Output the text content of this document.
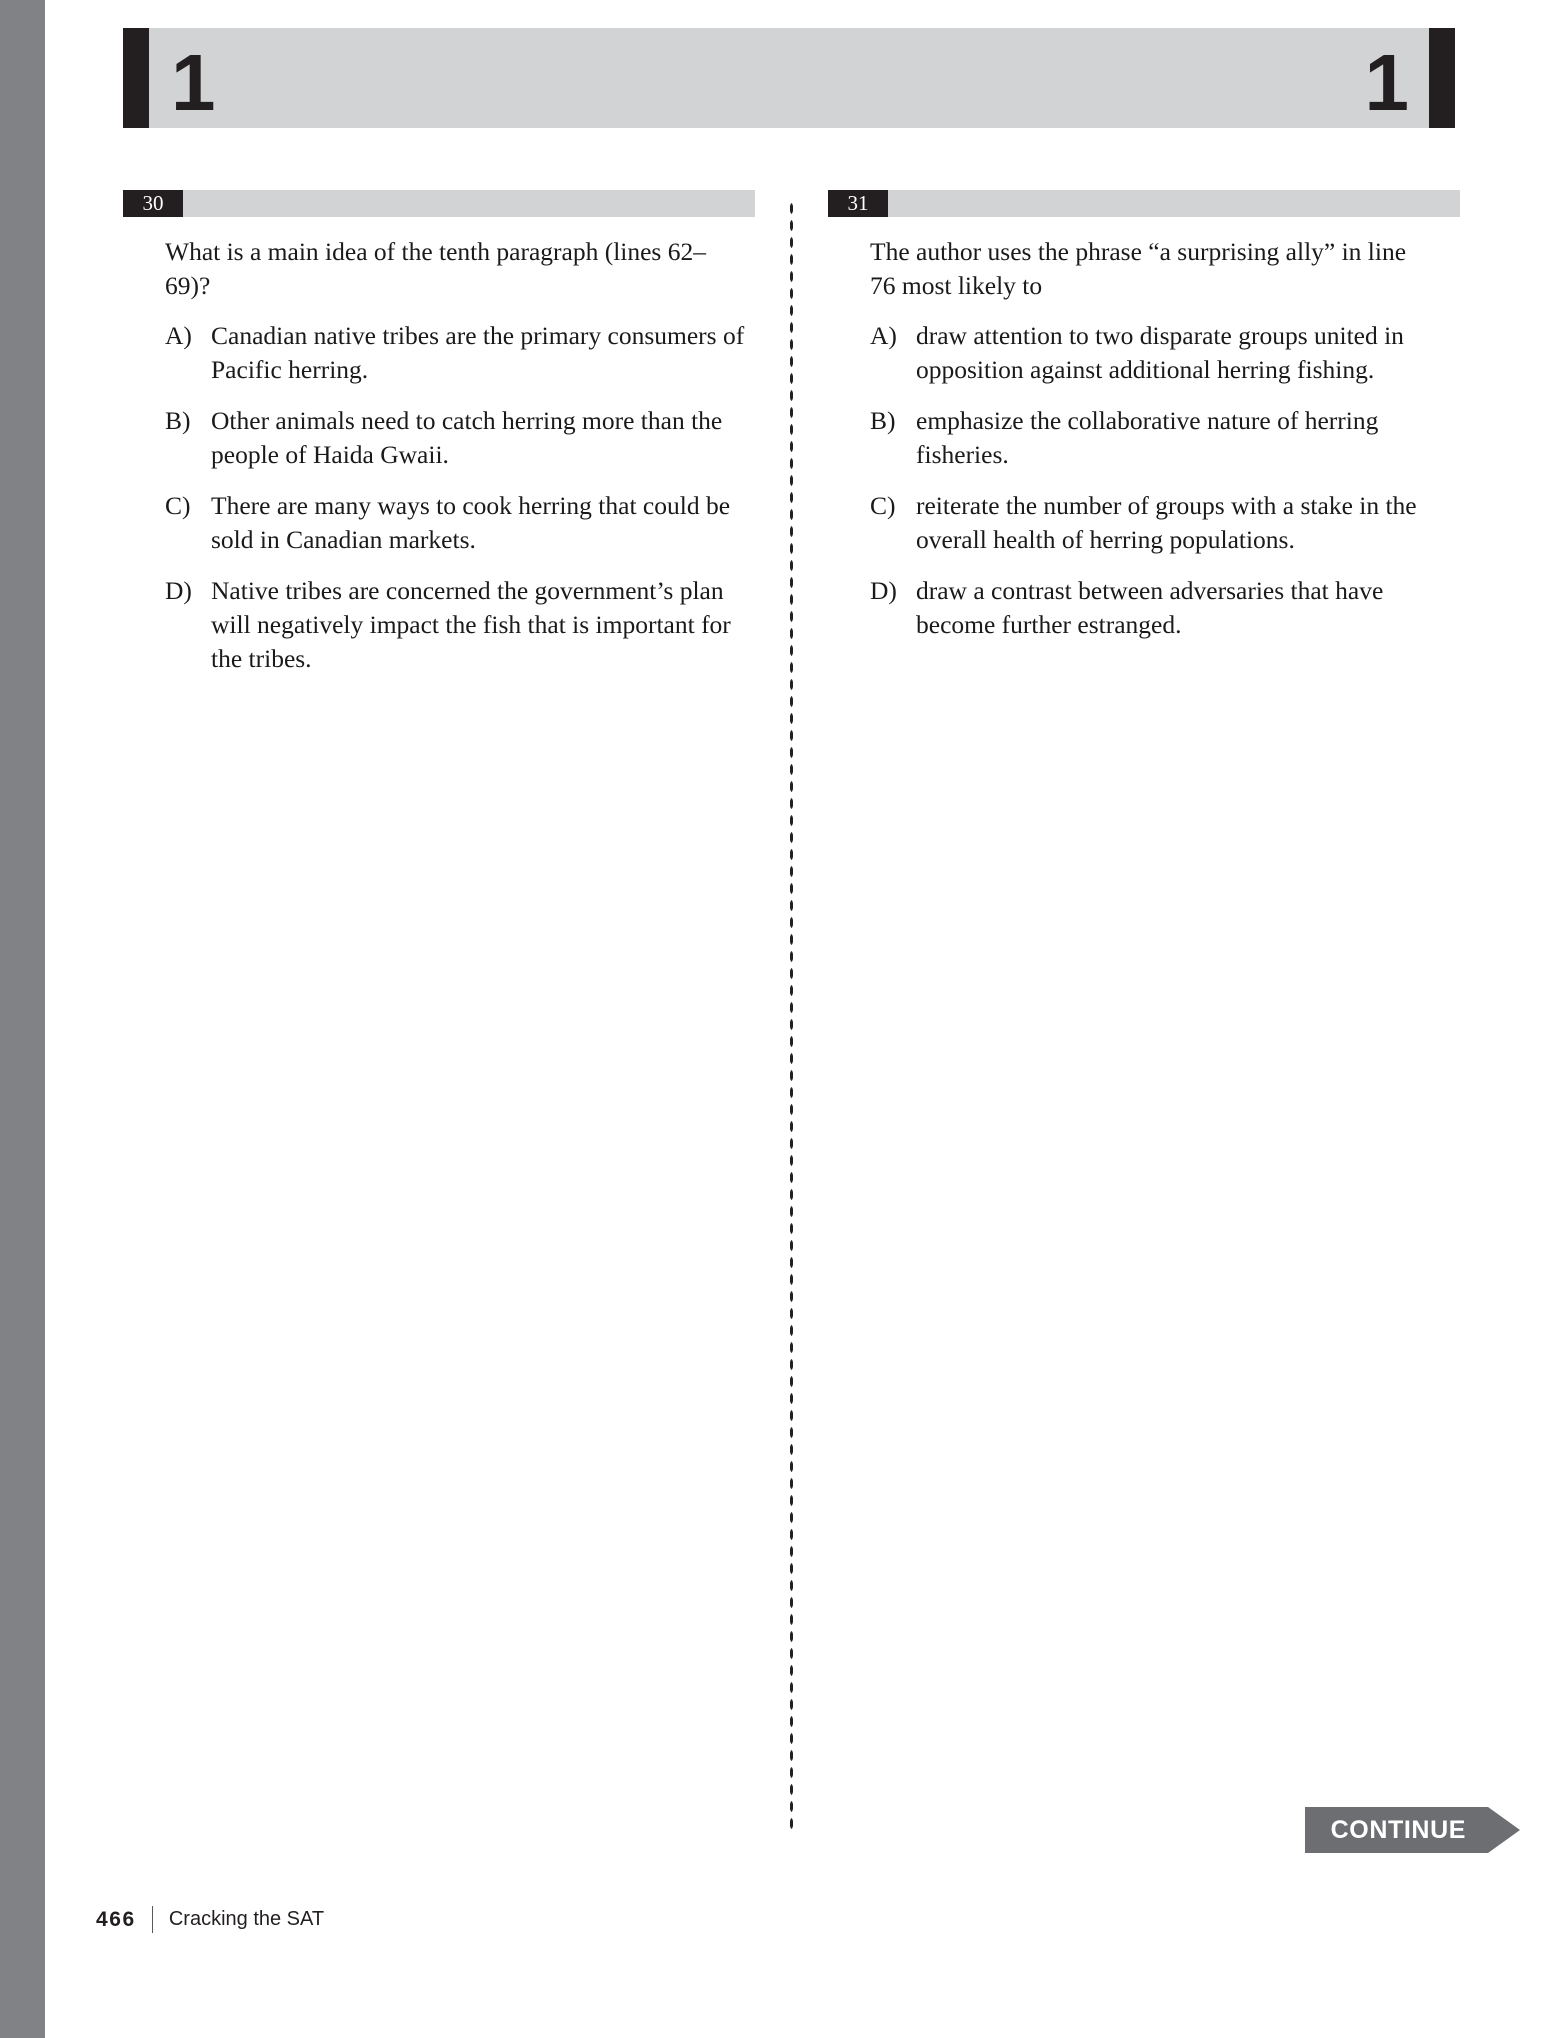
1	1
30

What is a main idea of the tenth paragraph (lines 62–69)?

A) Canadian native tribes are the primary consumers of Pacific herring.
B) Other animals need to catch herring more than the people of Haida Gwaii.
C) There are many ways to cook herring that could be sold in Canadian markets.
D) Native tribes are concerned the government’s plan will negatively impact the fish that is important for the tribes.
31

The author uses the phrase “a surprising ally” in line 76 most likely to

A) draw attention to two disparate groups united in opposition against additional herring fishing.
B) emphasize the collaborative nature of herring fisheries.
C) reiterate the number of groups with a stake in the overall health of herring populations.
D) draw a contrast between adversaries that have become further estranged.
CONTINUE
466 Cracking the SAT
